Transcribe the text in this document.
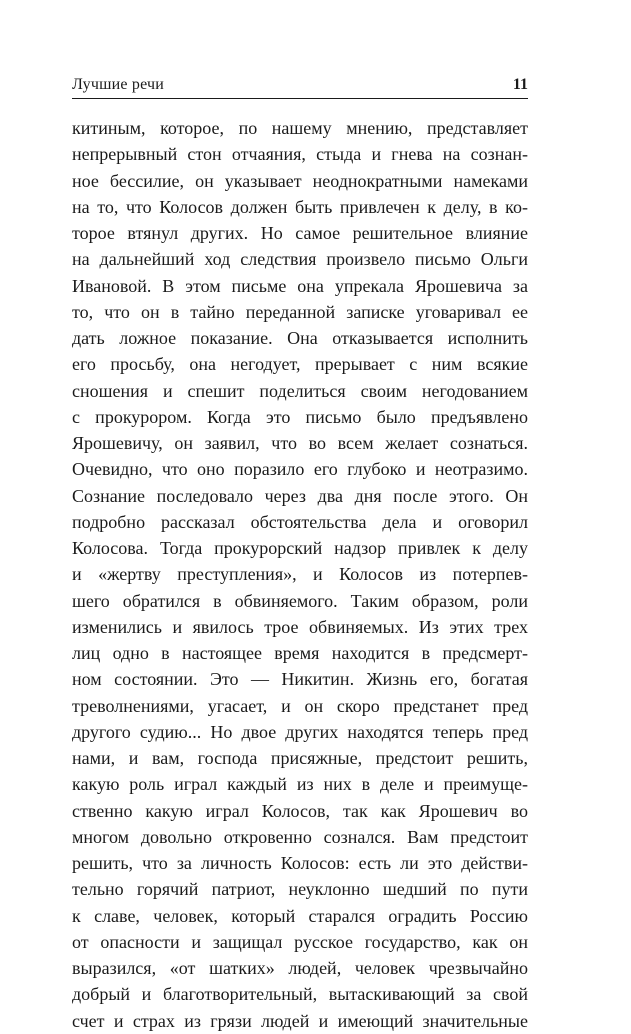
Лучшие речи	11
китиным, которое, по нашему мнению, представляет
непрерывный стон отчаяния, стыда и гнева на сознан-
ное бессилие, он указывает неоднократными намеками
на то, что Колосов должен быть привлечен к делу, в ко-
торое втянул других. Но самое решительное влияние
на дальнейший ход следствия произвело письмо Ольги
Ивановой. В этом письме она упрекала Ярошевича за
то, что он в тайно переданной записке уговаривал ее
дать ложное показание. Она отказывается исполнить
его просьбу, она негодует, прерывает с ним всякие
сношения и спешит поделиться своим негодованием
с прокурором. Когда это письмо было предъявлено
Ярошевичу, он заявил, что во всем желает сознаться.
Очевидно, что оно поразило его глубоко и неотразимо.
Сознание последовало через два дня после этого. Он
подробно рассказал обстоятельства дела и оговорил
Колосова. Тогда прокурорский надзор привлек к делу
и «жертву преступления», и Колосов из потерпев-
шего обратился в обвиняемого. Таким образом, роли
изменились и явилось трое обвиняемых. Из этих трех
лиц одно в настоящее время находится в предсмерт-
ном состоянии. Это — Никитин. Жизнь его, богатая
треволнениями, угасает, и он скоро предстанет пред
другого судию... Но двое других находятся теперь пред
нами, и вам, господа присяжные, предстоит решить,
какую роль играл каждый из них в деле и преимуще-
ственно какую играл Колосов, так как Ярошевич во
многом довольно откровенно сознался. Вам предстоит
решить, что за личность Колосов: есть ли это действи-
тельно горячий патриот, неуклонно шедший по пути
к славе, человек, который старался оградить Россию
от опасности и защищал русское государство, как он
выразился, «от шатких» людей, человек чрезвычайно
добрый и благотворительный, вытаскивающий за свой
счет и страх из грязи людей и имеющий значительные
